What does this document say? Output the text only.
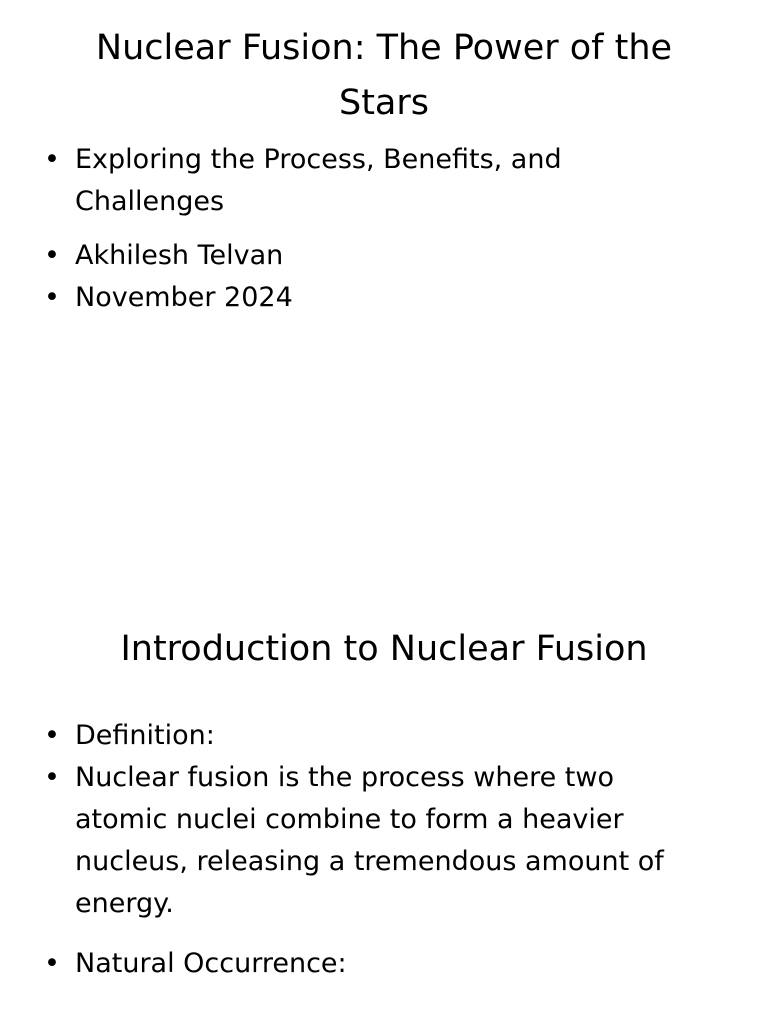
Nuclear Fusion: The Power of the Stars
• Exploring the Process, Benefits, and Challenges
• Akhilesh Telvan
• November 2024
Introduction to Nuclear Fusion
• Definition:
• Nuclear fusion is the process where two atomic nuclei combine to form a heavier nucleus, releasing a tremendous amount of energy.
• Natural Occurrence:
